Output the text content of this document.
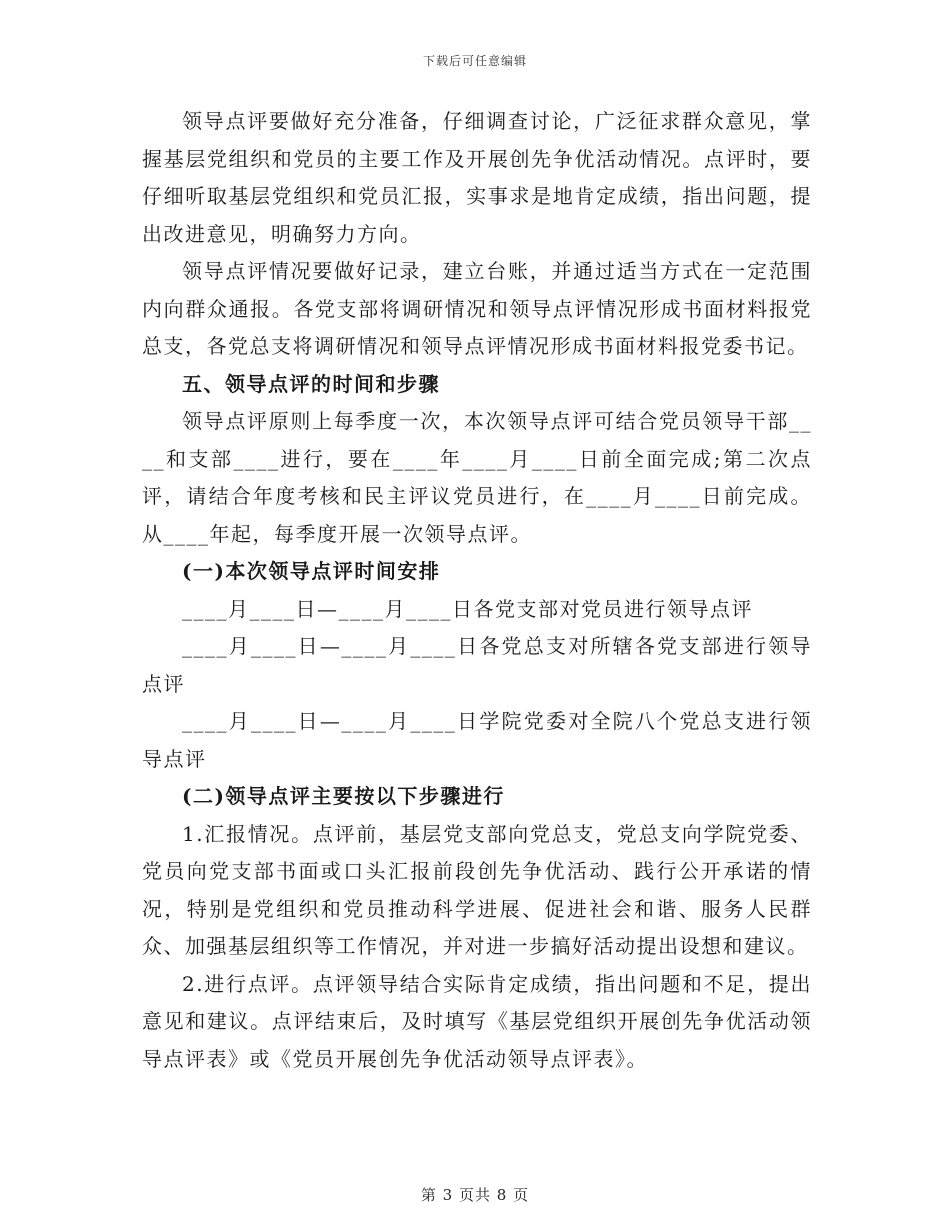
下载后可任意编辑

领导点评要做好充分准备，仔细调查讨论，广泛征求群众意见，掌握基层党组织和党员的主要工作及开展创先争优活动情况。点评时，要仔细听取基层党组织和党员汇报，实事求是地肯定成绩，指出问题，提出改进意见，明确努力方向。

领导点评情况要做好记录，建立台账，并通过适当方式在一定范围内向群众通报。各党支部将调研情况和领导点评情况形成书面材料报党总支，各党总支将调研情况和领导点评情况形成书面材料报党委书记。

五、领导点评的时间和步骤

领导点评原则上每季度一次，本次领导点评可结合党员领导干部____和支部____进行，要在____年____月____日前全面完成;第二次点评，请结合年度考核和民主评议党员进行，在____月____日前完成。从____年起，每季度开展一次领导点评。

(一)本次领导点评时间安排

____月____日—____月____日各党支部对党员进行领导点评

____月____日—____月____日各党总支对所辖各党支部进行领导点评

____月____日—____月____日学院党委对全院八个党总支进行领导点评

(二)领导点评主要按以下步骤进行

1.汇报情况。点评前，基层党支部向党总支，党总支向学院党委、党员向党支部书面或口头汇报前段创先争优活动、践行公开承诺的情况，特别是党组织和党员推动科学进展、促进社会和谐、服务人民群众、加强基层组织等工作情况，并对进一步搞好活动提出设想和建议。

2.进行点评。点评领导结合实际肯定成绩，指出问题和不足，提出意见和建议。点评结束后，及时填写《基层党组织开展创先争优活动领导点评表》或《党员开展创先争优活动领导点评表》。

第 3 页共 8 页
